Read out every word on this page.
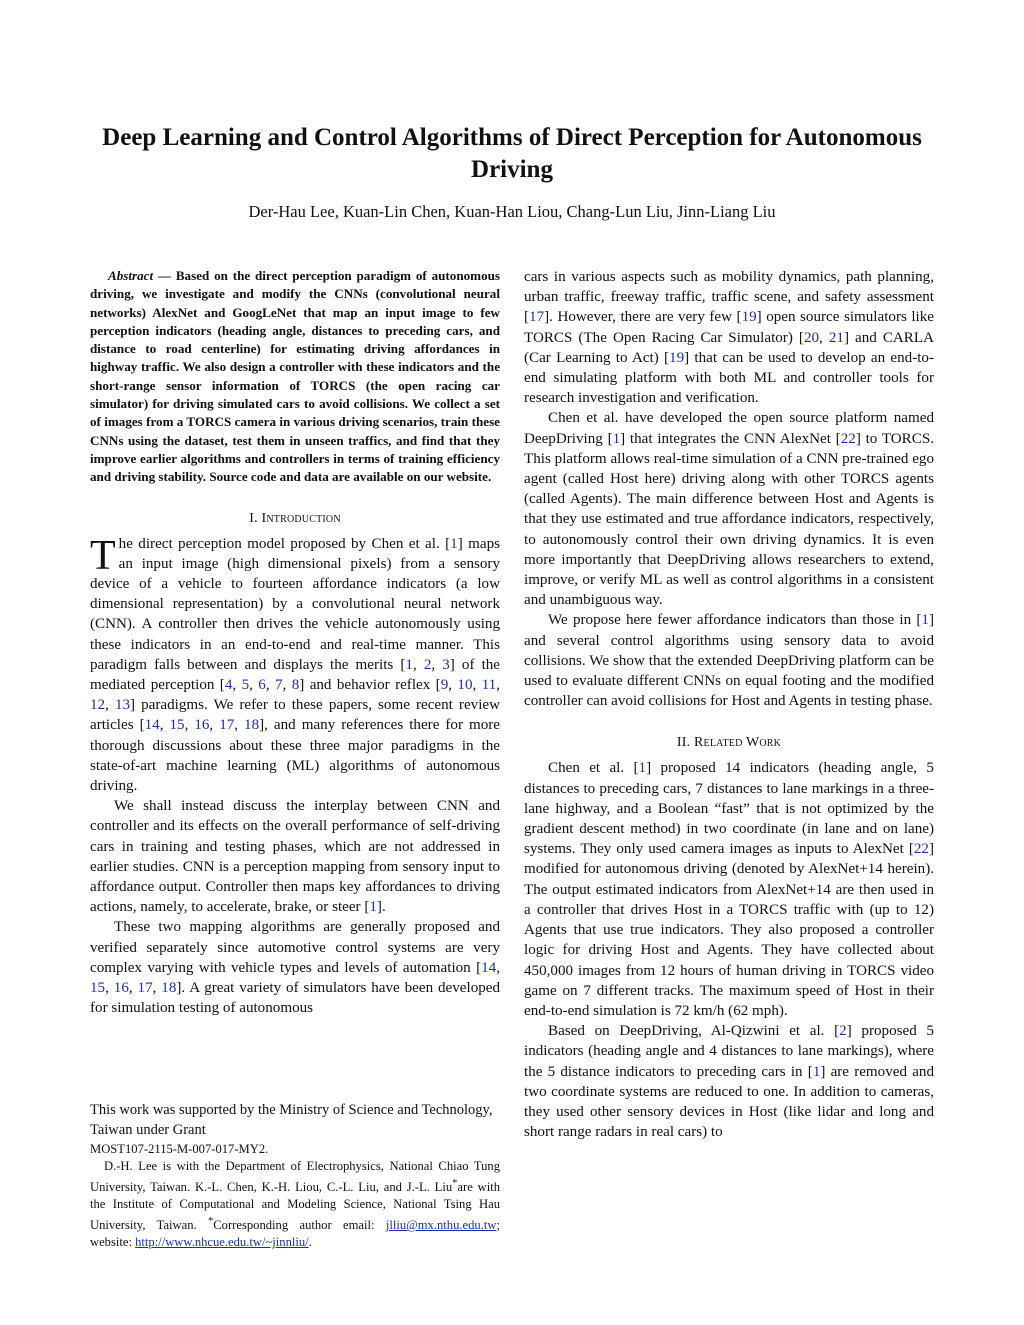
Deep Learning and Control Algorithms of Direct Perception for Autonomous Driving

Der-Hau Lee, Kuan-Lin Chen, Kuan-Han Liou, Chang-Lun Liu, Jinn-Liang Liu

Abstract — Based on the direct perception paradigm of autonomous driving, we investigate and modify the CNNs (convolutional neural networks) AlexNet and GoogLeNet that map an input image to few perception indicators (heading angle, distances to preceding cars, and distance to road centerline) for estimating driving affordances in highway traffic. We also design a controller with these indicators and the short-range sensor information of TORCS (the open racing car simulator) for driving simulated cars to avoid collisions. We collect a set of images from a TORCS camera in various driving scenarios, train these CNNs using the dataset, test them in unseen traffics, and find that they improve earlier algorithms and controllers in terms of training efficiency and driving stability. Source code and data are available on our website.

I. Introduction

The direct perception model proposed by Chen et al. [1] maps an input image (high dimensional pixels) from a sensory device of a vehicle to fourteen affordance indicators (a low dimensional representation) by a convolutional neural network (CNN). A controller then drives the vehicle autonomously using these indicators in an end-to-end and real-time manner. This paradigm falls between and displays the merits [1, 2, 3] of the mediated perception [4, 5, 6, 7, 8] and behavior reflex [9, 10, 11, 12, 13] paradigms. We refer to these papers, some recent review articles [14, 15, 16, 17, 18], and many references there for more thorough discussions about these three major paradigms in the state-of-art machine learning (ML) algorithms of autonomous driving.

We shall instead discuss the interplay between CNN and controller and its effects on the overall performance of self-driving cars in training and testing phases, which are not addressed in earlier studies. CNN is a perception mapping from sensory input to affordance output. Controller then maps key affordances to driving actions, namely, to accelerate, brake, or steer [1].

These two mapping algorithms are generally proposed and verified separately since automotive control systems are very complex varying with vehicle types and levels of automation [14, 15, 16, 17, 18]. A great variety of simulators have been developed for simulation testing of autonomous

cars in various aspects such as mobility dynamics, path planning, urban traffic, freeway traffic, traffic scene, and safety assessment [17]. However, there are very few [19] open source simulators like TORCS (The Open Racing Car Simulator) [20, 21] and CARLA (Car Learning to Act) [19] that can be used to develop an end-to-end simulating platform with both ML and controller tools for research investigation and verification.

Chen et al. have developed the open source platform named DeepDriving [1] that integrates the CNN AlexNet [22] to TORCS. This platform allows real-time simulation of a CNN pre-trained ego agent (called Host here) driving along with other TORCS agents (called Agents). The main difference between Host and Agents is that they use estimated and true affordance indicators, respectively, to autonomously control their own driving dynamics. It is even more importantly that DeepDriving allows researchers to extend, improve, or verify ML as well as control algorithms in a consistent and unambiguous way.

We propose here fewer affordance indicators than those in [1] and several control algorithms using sensory data to avoid collisions. We show that the extended DeepDriving platform can be used to evaluate different CNNs on equal footing and the modified controller can avoid collisions for Host and Agents in testing phase.

II. Related Work

Chen et al. [1] proposed 14 indicators (heading angle, 5 distances to preceding cars, 7 distances to lane markings in a three-lane highway, and a Boolean “fast” that is not optimized by the gradient descent method) in two coordinate (in lane and on lane) systems. They only used camera images as inputs to AlexNet [22] modified for autonomous driving (denoted by AlexNet+14 herein). The output estimated indicators from AlexNet+14 are then used in a controller that drives Host in a TORCS traffic with (up to 12) Agents that use true indicators. They also proposed a controller logic for driving Host and Agents. They have collected about 450,000 images from 12 hours of human driving in TORCS video game on 7 different tracks. The maximum speed of Host in their end-to-end simulation is 72 km/h (62 mph).

Based on DeepDriving, Al-Qizwini et al. [2] proposed 5 indicators (heading angle and 4 distances to lane markings), where the 5 distance indicators to preceding cars in [1] are removed and two coordinate systems are reduced to one. In addition to cameras, they used other sensory devices in Host (like lidar and long and short range radars in real cars) to

This work was supported by the Ministry of Science and Technology, Taiwan under Grant

MOST107-2115-M-007-017-MY2.

D.-H. Lee is with the Department of Electrophysics, National Chiao Tung University, Taiwan. K.-L. Chen, K.-H. Liou, C.-L. Liu, and J.-L. Liu*are with the Institute of Computational and Modeling Science, National Tsing Hau University, Taiwan. *Corresponding author email: jlliu@mx.nthu.edu.tw; website: http://www.nhcue.edu.tw/~jinnliu/.
